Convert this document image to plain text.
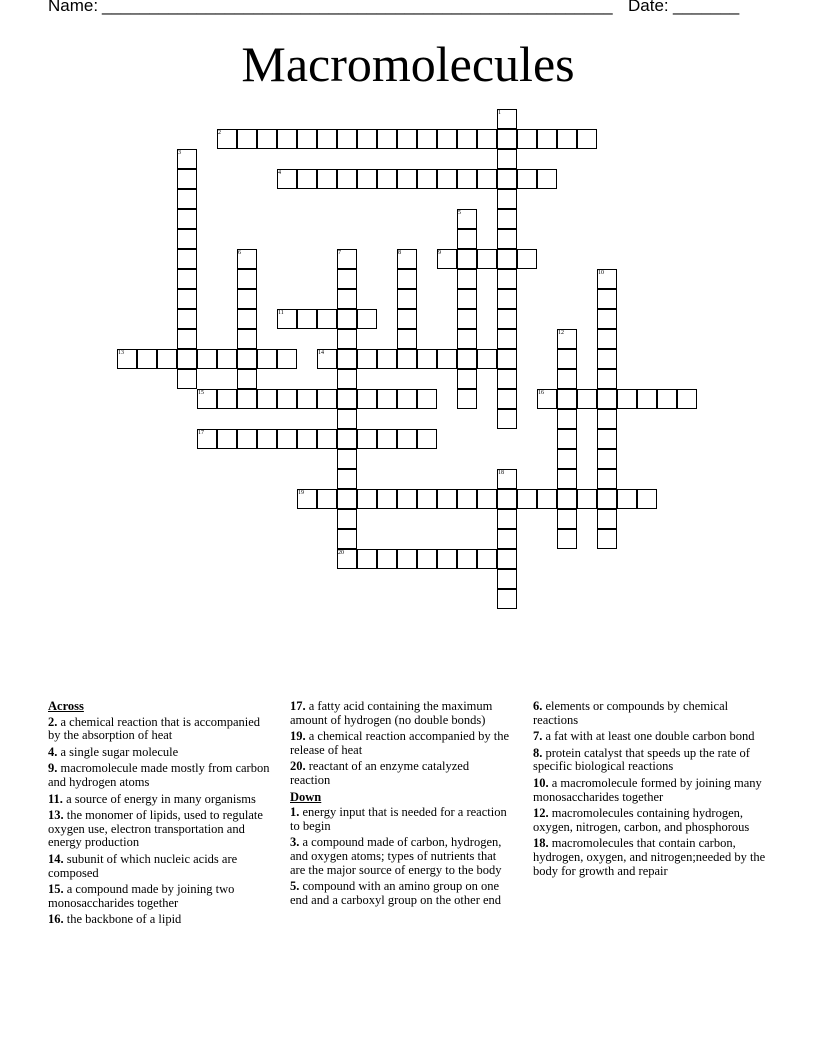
Name: ______________________________________________________ Date: _______
Macromolecules
1
2
3
4
5
6	7	8	9
10
11
12
13	14
15	16
17
18
19
20
Across
2. a chemical reaction that is accompanied by the absorption of heat
4. a single sugar molecule
9. macromolecule made mostly from carbon and hydrogen atoms
11. a source of energy in many organisms
13. the monomer of lipids, used to regulate oxygen use, electron transportation and energy production
14. subunit of which nucleic acids are composed
15. a compound made by joining two monosaccharides together
16. the backbone of a lipid
17. a fatty acid containing the maximum amount of hydrogen (no double bonds)
19. a chemical reaction accompanied by the release of heat
20. reactant of an enzyme catalyzed reaction
Down
1. energy input that is needed for a reaction to begin
3. a compound made of carbon, hydrogen, and oxygen atoms; types of nutrients that are the major source of energy to the body
5. compound with an amino group on one end and a carboxyl group on the other end
6. elements or compounds by chemical reactions
7. a fat with at least one double carbon bond
8. protein catalyst that speeds up the rate of specific biological reactions
10. a macromolecule formed by joining many monosaccharides together
12. macromolecules containing hydrogen, oxygen, nitrogen, carbon, and phosphorous
18. macromolecules that contain carbon, hydrogen, oxygen, and nitrogen;needed by the body for growth and repair
